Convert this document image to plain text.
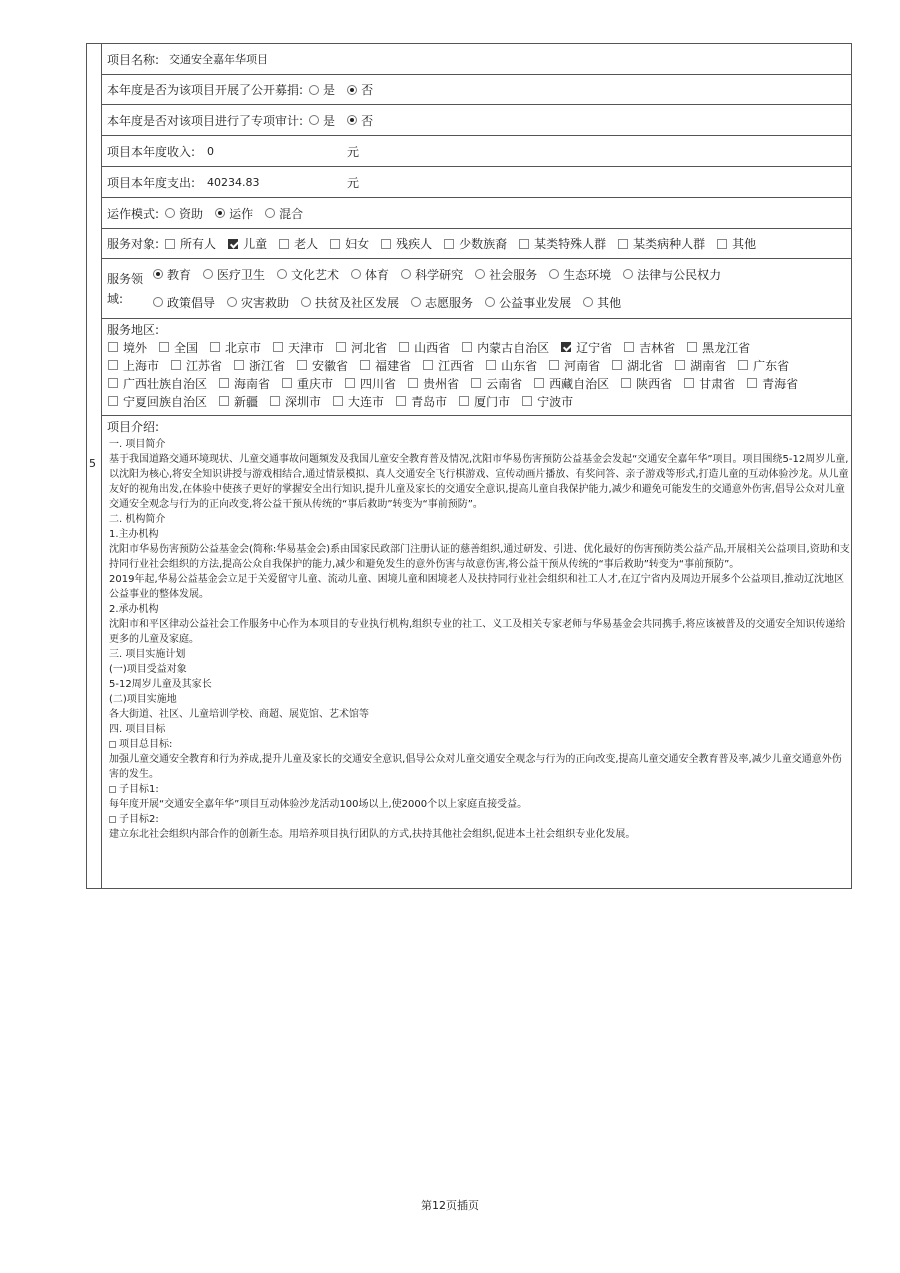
5
项目名称: 交通安全嘉年华项目
本年度是否为该项目开展了公开募捐: 是 否
本年度是否对该项目进行了专项审计: 是 否
项目本年度收入: 0	元
项目本年度支出: 40234.83	元
运作模式: 资助 运作 混合
服务对象: 所有人 儿童 老人 妇女 残疾人 少数族裔 某类特殊人群 某类病种人群 其他
服务领
域:
教育 医疗卫生 文化艺术 体育 科学研究 社会服务 生态环境 法律与公民权力
政策倡导 灾害救助 扶贫及社区发展 志愿服务 公益事业发展 其他
服务地区:
境外 全国 北京市 天津市 河北省 山西省 内蒙古自治区 辽宁省 吉林省 黑龙江省
上海市 江苏省 浙江省 安徽省 福建省 江西省 山东省 河南省 湖北省 湖南省 广东省
广西壮族自治区 海南省 重庆市 四川省 贵州省 云南省 西藏自治区 陕西省 甘肃省 青海省
宁夏回族自治区 新疆 深圳市 大连市 青岛市 厦门市 宁波市
项目介绍:

一. 项目简介

基于我国道路交通环境现状、儿童交通事故问题频发及我国儿童安全教育普及情况,沈阳市华易伤害预防公益基金会发起“交通安全嘉年华”项目。项目围绕5-12周岁儿童,以沈阳为核心,将安全知识讲授与游戏相结合,通过情景模拟、真人交通安全飞行棋游戏、宣传动画片播放、有奖问答、亲子游戏等形式,打造儿童的互动体验沙龙。从儿童友好的视角出发,在体验中使孩子更好的掌握安全出行知识,提升儿童及家长的交通安全意识,提高儿童自我保护能力,减少和避免可能发生的交通意外伤害,倡导公众对儿童交通安全观念与行为的正向改变,将公益干预从传统的“事后救助”转变为“事前预防”。

二. 机构简介

1.主办机构

沈阳市华易伤害预防公益基金会(简称:华易基金会)系由国家民政部门注册认证的慈善组织,通过研发、引进、优化最好的伤害预防类公益产品,开展相关公益项目,资助和支持同行业社会组织的方法,提高公众自我保护的能力,减少和避免发生的意外伤害与故意伤害,将公益干预从传统的“事后救助”转变为“事前预防”。

2019年起,华易公益基金会立足于关爱留守儿童、流动儿童、困境儿童和困境老人及扶持同行业社会组织和社工人才,在辽宁省内及周边开展多个公益项目,推动辽沈地区公益事业的整体发展。

2.承办机构

沈阳市和平区律动公益社会工作服务中心作为本项目的专业执行机构,组织专业的社工、义工及相关专家老师与华易基金会共同携手,将应该被普及的交通安全知识传递给更多的儿童及家庭。

三. 项目实施计划

(一)项目受益对象

5-12周岁儿童及其家长

(二)项目实施地

各大街道、社区、儿童培训学校、商超、展览馆、艺术馆等

四. 项目目标

项目总目标:

加强儿童交通安全教育和行为养成,提升儿童及家长的交通安全意识,倡导公众对儿童交通安全观念与行为的正向改变,提高儿童交通安全教育普及率,减少儿童交通意外伤害的发生。

子目标1:

每年度开展“交通安全嘉年华”项目互动体验沙龙活动100场以上,使2000个以上家庭直接受益。

子目标2:

建立东北社会组织内部合作的创新生态。用培养项目执行团队的方式,扶持其他社会组织,促进本土社会组织专业化发展。

第12页插页
